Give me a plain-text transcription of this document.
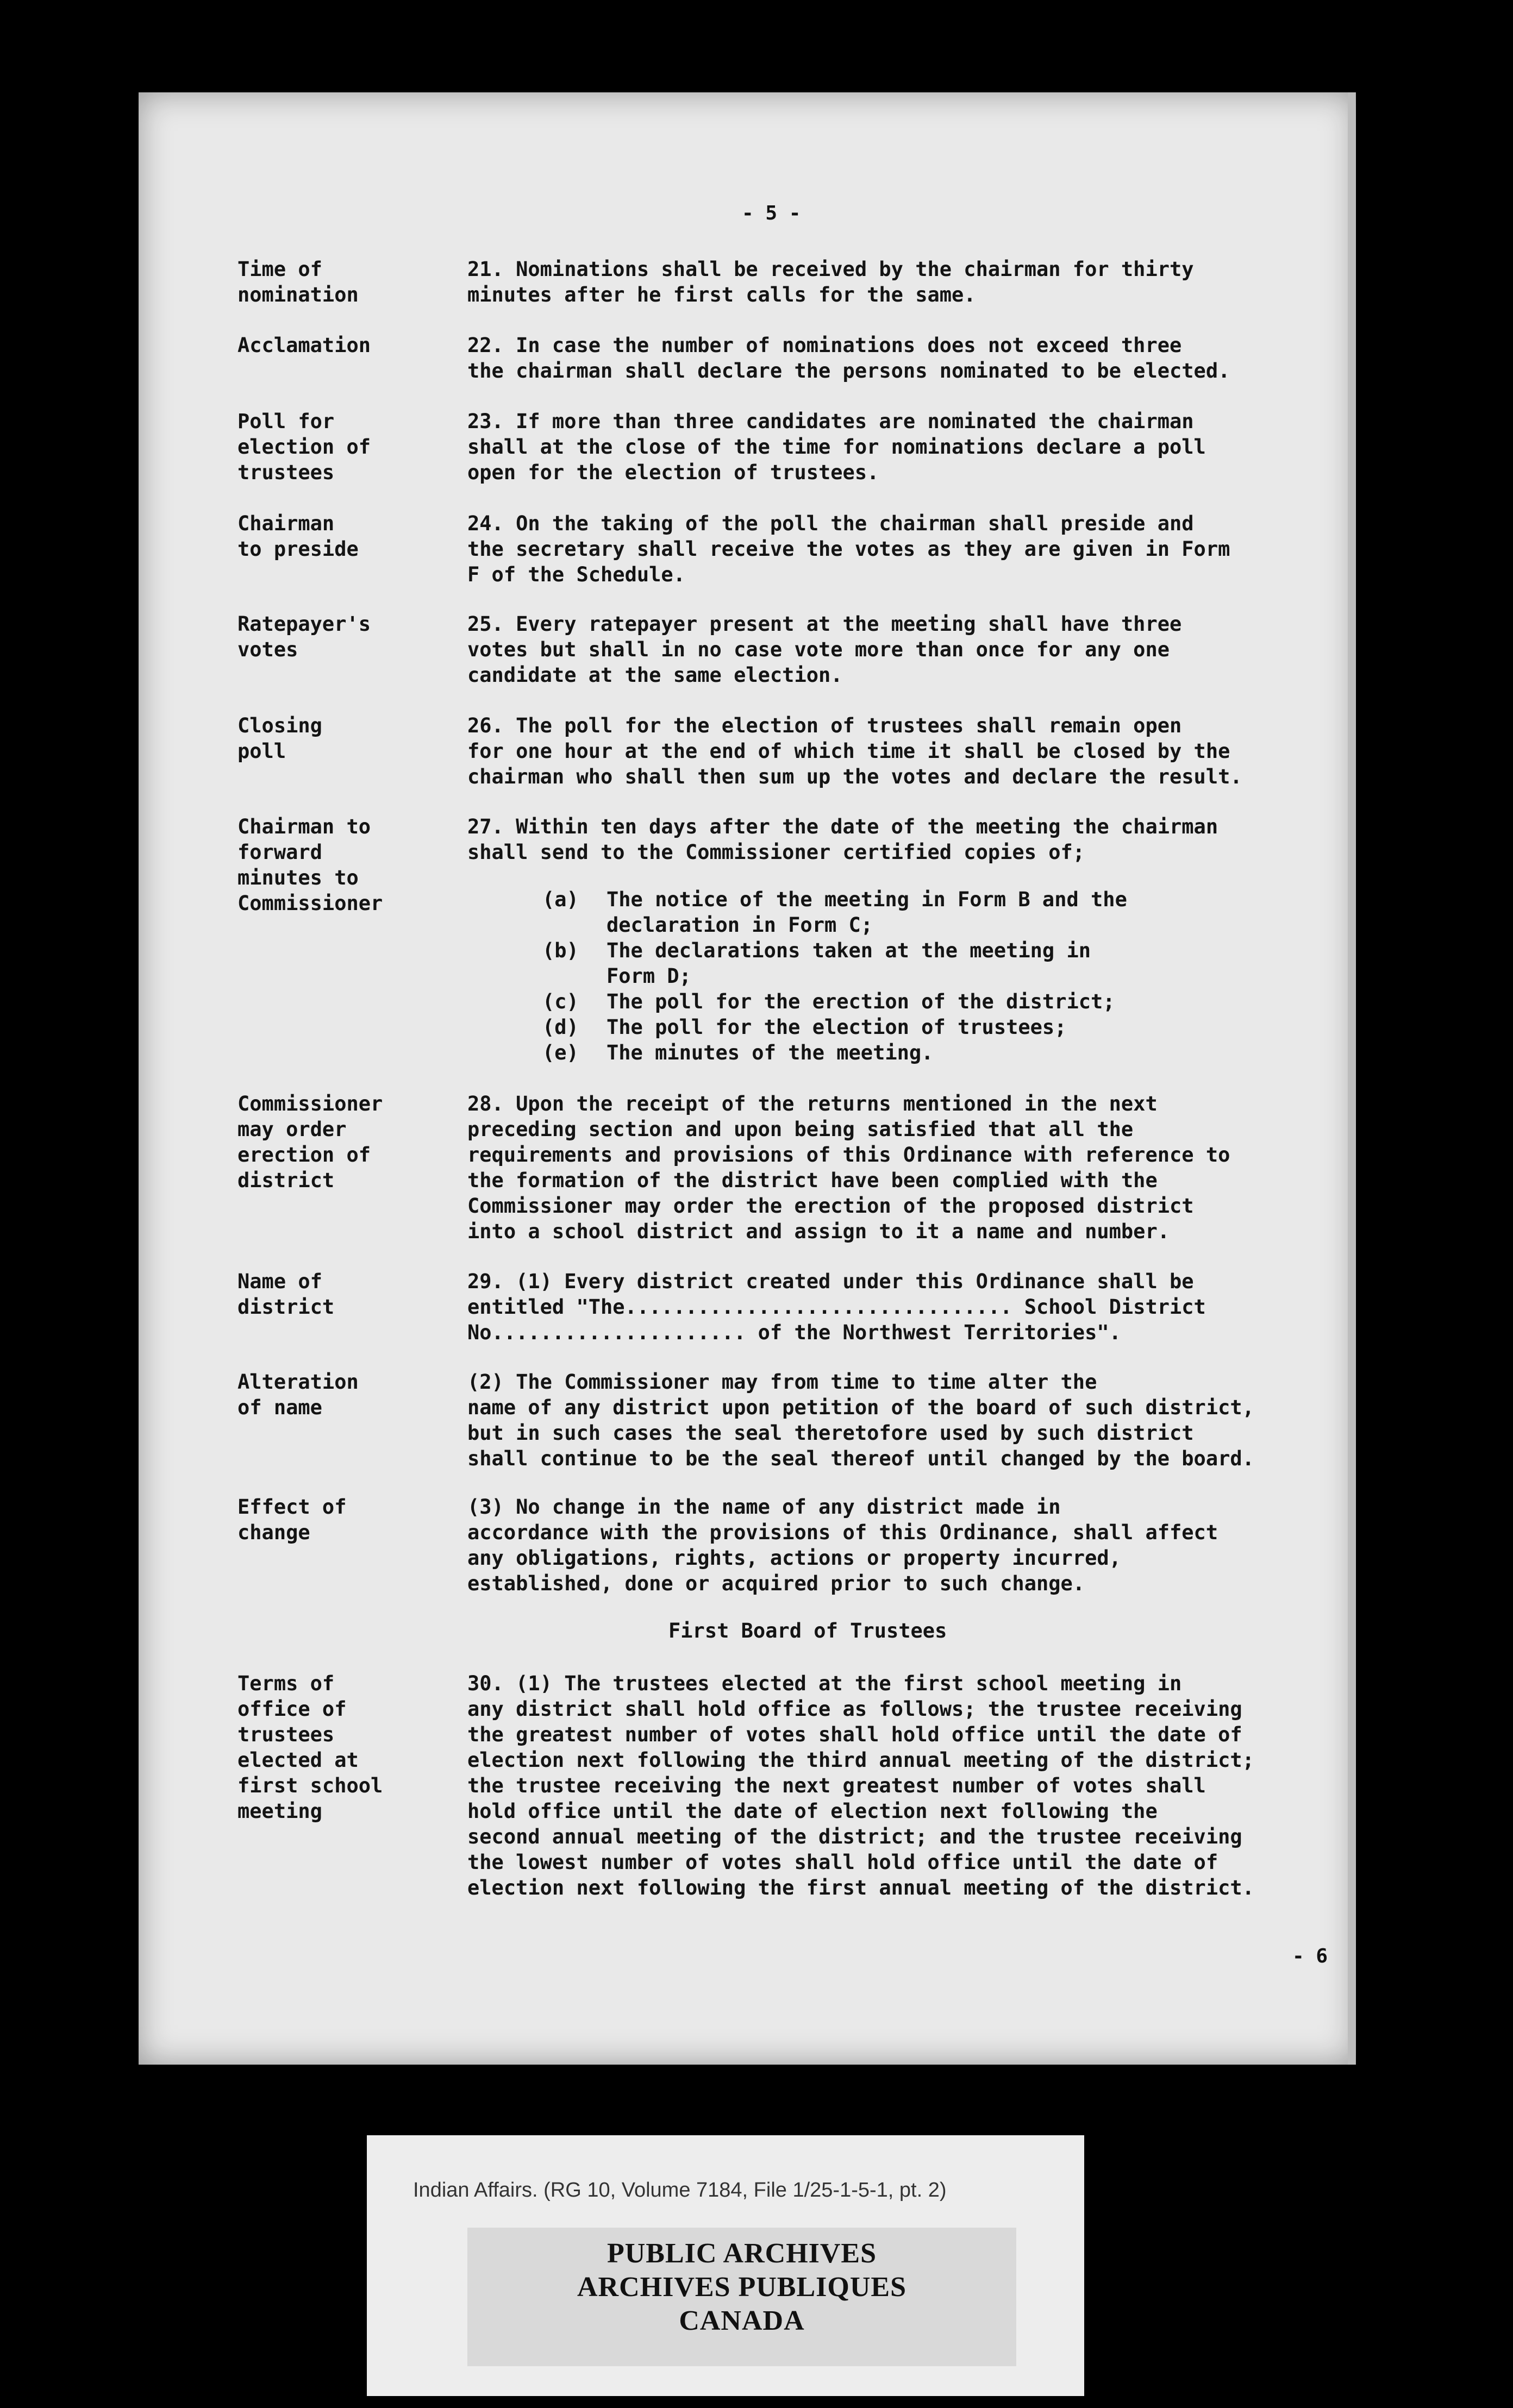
- 5 -
Time of
nomination
21. Nominations shall be received by the chairman for thirty
minutes after he first calls for the same.
Acclamation	22. In case the number of nominations does not exceed three
the chairman shall declare the persons nominated to be elected.
Poll for
election of
trustees
23. If more than three candidates are nominated the chairman
shall at the close of the time for nominations declare a poll
open for the election of trustees.
Chairman
to preside
24. On the taking of the poll the chairman shall preside and
the secretary shall receive the votes as they are given in Form
F of the Schedule.
Ratepayer's
votes
25. Every ratepayer present at the meeting shall have three
votes but shall in no case vote more than once for any one
candidate at the same election.
Closing
poll
26. The poll for the election of trustees shall remain open
for one hour at the end of which time it shall be closed by the
chairman who shall then sum up the votes and declare the result.
Chairman to
forward
minutes to
Commissioner
27. Within ten days after the date of the meeting the chairman
shall send to the Commissioner certified copies of;
(a) The notice of the meeting in Form B and the
declaration in Form C;
(b) The declarations taken at the meeting in
Form D;
(c) The poll for the erection of the district;
(d) The poll for the election of trustees;
(e) The minutes of the meeting.
Commissioner
may order
erection of
district
28. Upon the receipt of the returns mentioned in the next
preceding section and upon being satisfied that all the
requirements and provisions of this Ordinance with reference to
the formation of the district have been complied with the
Commissioner may order the erection of the proposed district
into a school district and assign to it a name and number.
Name of
district
29. (1) Every district created under this Ordinance shall be
entitled "The................................ School District
No..................... of the Northwest Territories".
Alteration
of name
(2) The Commissioner may from time to time alter the
name of any district upon petition of the board of such district,
but in such cases the seal theretofore used by such district
shall continue to be the seal thereof until changed by the board.
Effect of
change
(3) No change in the name of any district made in
accordance with the provisions of this Ordinance, shall affect
any obligations, rights, actions or property incurred,
established, done or acquired prior to such change.
First Board of Trustees
Terms of
office of
trustees
elected at
first school
meeting
30. (1) The trustees elected at the first school meeting in
any district shall hold office as follows; the trustee receiving
the greatest number of votes shall hold office until the date of
election next following the third annual meeting of the district;
the trustee receiving the next greatest number of votes shall
hold office until the date of election next following the
second annual meeting of the district; and the trustee receiving
the lowest number of votes shall hold office until the date of
election next following the first annual meeting of the district.
- 6
Indian Affairs. (RG 10, Volume 7184, File 1/25-1-5-1, pt. 2)
PUBLIC ARCHIVES
ARCHIVES PUBLIQUES
CANADA
